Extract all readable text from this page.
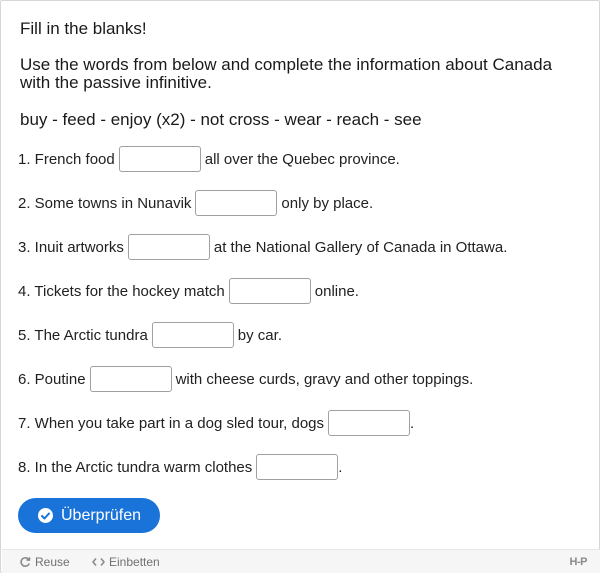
Fill in the blanks!
Use the words from below and complete the information about Canada with the passive infinitive.
buy - feed - enjoy (x2) - not cross - wear - reach - see
1. French food	all over the Quebec province.
2. Some towns in Nunavik	only by place.
3. Inuit artworks	at the National Gallery of Canada in Ottawa.
4. Tickets for the hockey match	online.
5. The Arctic tundra	by car.
6. Poutine	with cheese curds, gravy and other toppings.
7. When you take part in a dog sled tour, dogs	.
8. In the Arctic tundra warm clothes	.
Überprüfen
Reuse	Einbetten	H-P
